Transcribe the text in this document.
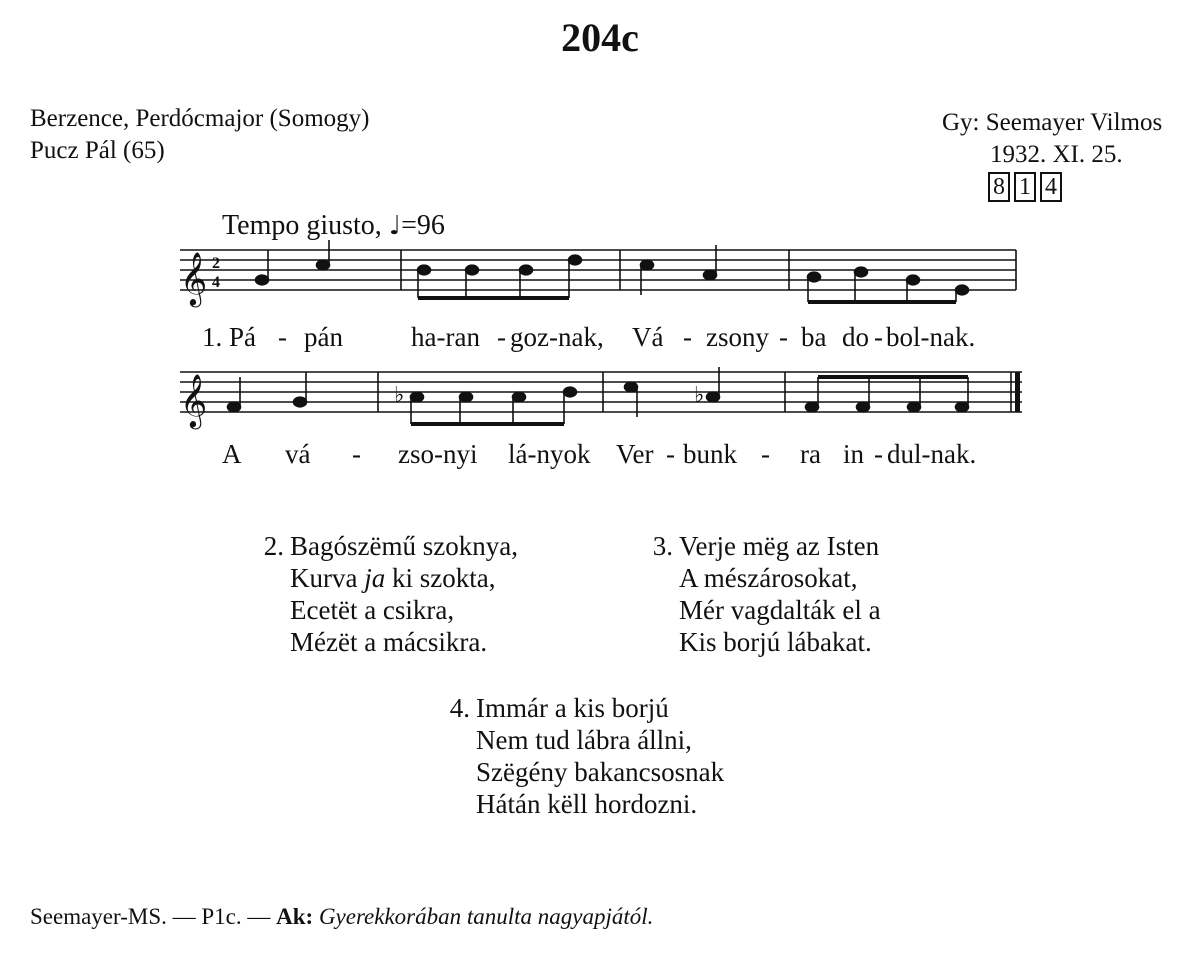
204c
Berzence, Perdócmajor (Somogy)
Pucz Pál (65)
Gy: Seemayer Vilmos
1932. XI. 25.
8 1 4
Tempo giusto, ♩=96
𝄞 2
4
1. Pá - pán	ha-ran - goz-nak, Vá - zsony - ba do - bol-nak.
𝄞	♭	♭
A vá - zso-nyi lá-nyok Ver - bunk - ra in - dul-nak.
2. Bagószëmű szoknya,
Kurva ja ki szokta,
Ecetët a csikra,
Mézët a mácsikra.
3. Verje mëg az Isten
A mészárosokat,
Mér vagdalták el a
Kis borjú lábakat.
4. Immár a kis borjú
Nem tud lábra állni,
Szëgény bakancsosnak
Hátán këll hordozni.
Seemayer-MS. — P1c. — Ak: Gyerekkorában tanulta nagyapjától.
